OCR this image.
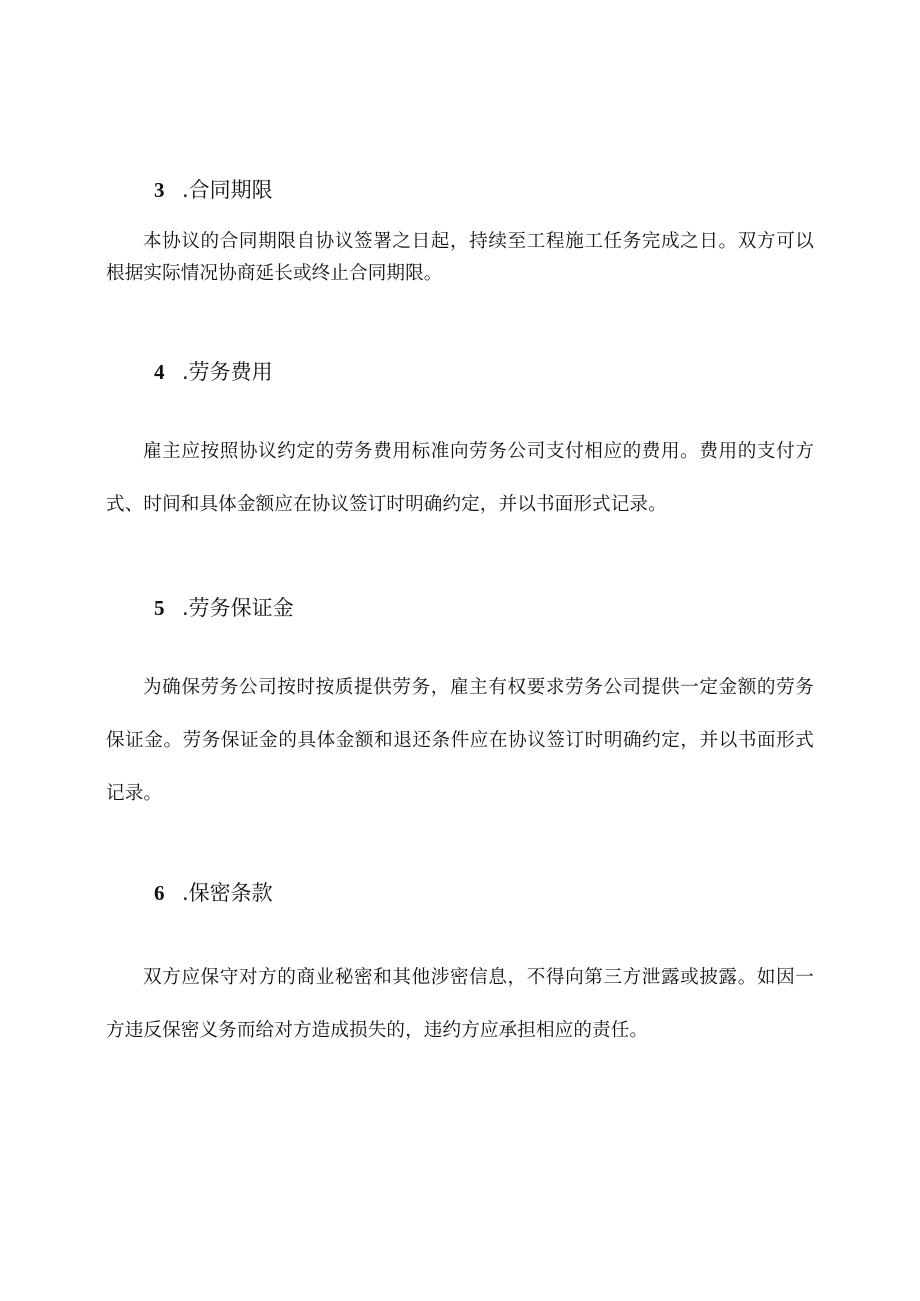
3 .合同期限
本协议的合同期限自协议签署之日起，持续至工程施工任务完成之日。双方可以根据实际情况协商延长或终止合同期限。
4 .劳务费用
雇主应按照协议约定的劳务费用标准向劳务公司支付相应的费用。费用的支付方式、时间和具体金额应在协议签订时明确约定，并以书面形式记录。
5 .劳务保证金
为确保劳务公司按时按质提供劳务，雇主有权要求劳务公司提供一定金额的劳务保证金。劳务保证金的具体金额和退还条件应在协议签订时明确约定，并以书面形式记录。
6 .保密条款
双方应保守对方的商业秘密和其他涉密信息，不得向第三方泄露或披露。如因一方违反保密义务而给对方造成损失的，违约方应承担相应的责任。
